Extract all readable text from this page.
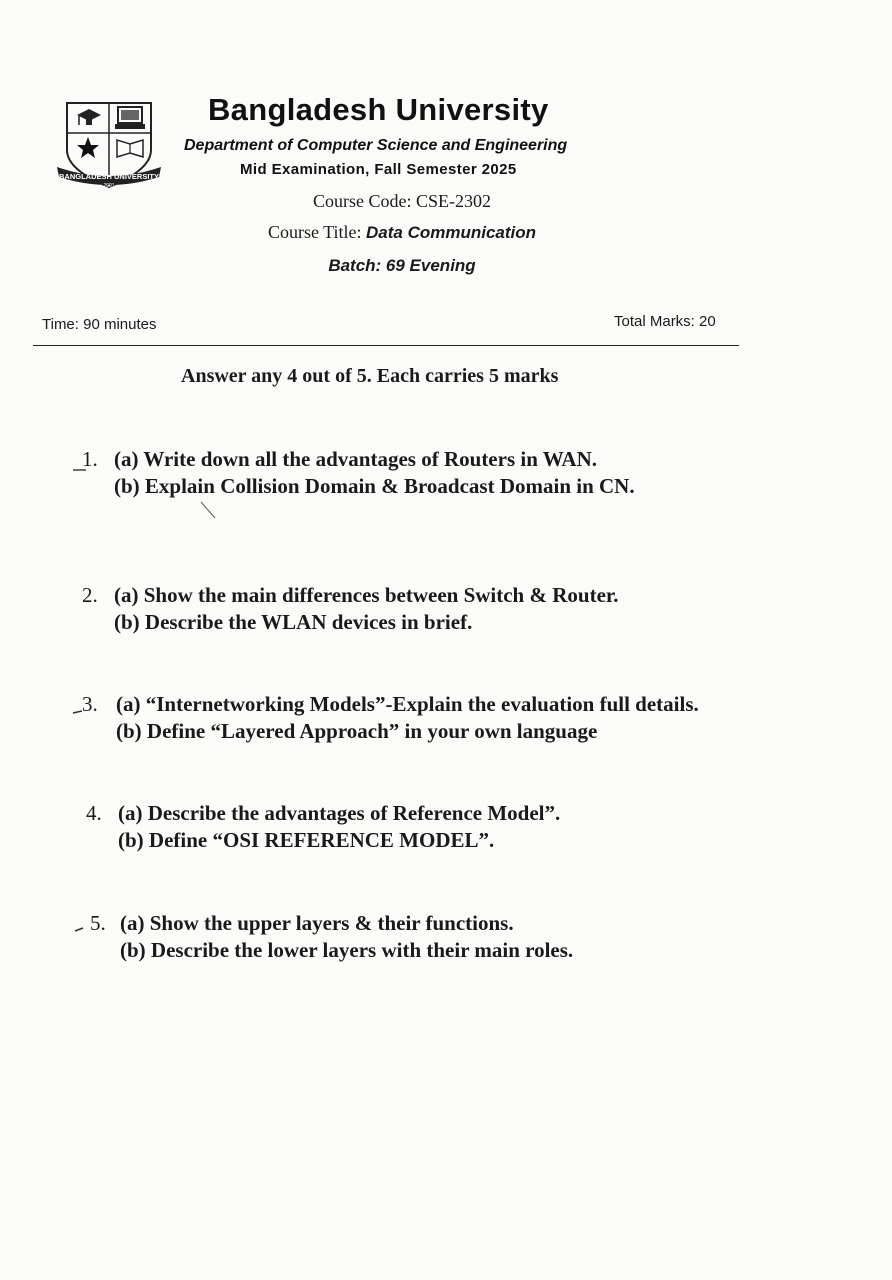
BANGLADESH UNIVERSITY
2001
Bangladesh University
Department of Computer Science and Engineering
Mid Examination, Fall Semester 2025
Course Code: CSE-2302
Course Title: Data Communication
Batch: 69 Evening
Time: 90 minutes	Total Marks: 20
Answer any 4 out of 5. Each carries 5 marks
1. (a) Write down all the advantages of Routers in WAN.
(b) Explain Collision Domain & Broadcast Domain in CN.
2. (a) Show the main differences between Switch & Router.
(b) Describe the WLAN devices in brief.
3. (a) “Internetworking Models”-Explain the evaluation full details.
(b) Define “Layered Approach” in your own language
4. (a) Describe the advantages of Reference Model”.
(b) Define “OSI REFERENCE MODEL”.
5. (a) Show the upper layers & their functions.
(b) Describe the lower layers with their main roles.
